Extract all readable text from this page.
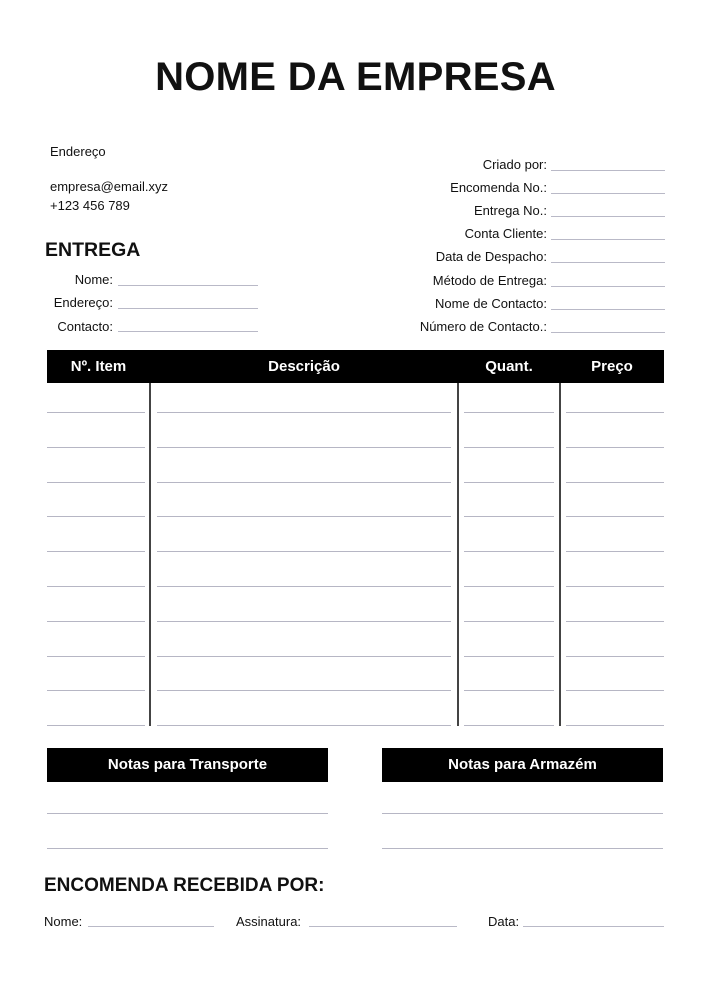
NOME DA EMPRESA
Endereço
empresa@email.xyz
+123 456 789
ENTREGA
Nome:
Endereço:
Contacto:
Criado por:
Encomenda No.:
Entrega No.:
Conta Cliente:
Data de Despacho:
Método de Entrega:
Nome de Contacto:
Número de Contacto.:
Nº. Item	Descrição	Quant.	Preço
Notas para Transporte	Notas para Armazém
ENCOMENDA RECEBIDA POR:
Nome:	Assinatura:	Data:
